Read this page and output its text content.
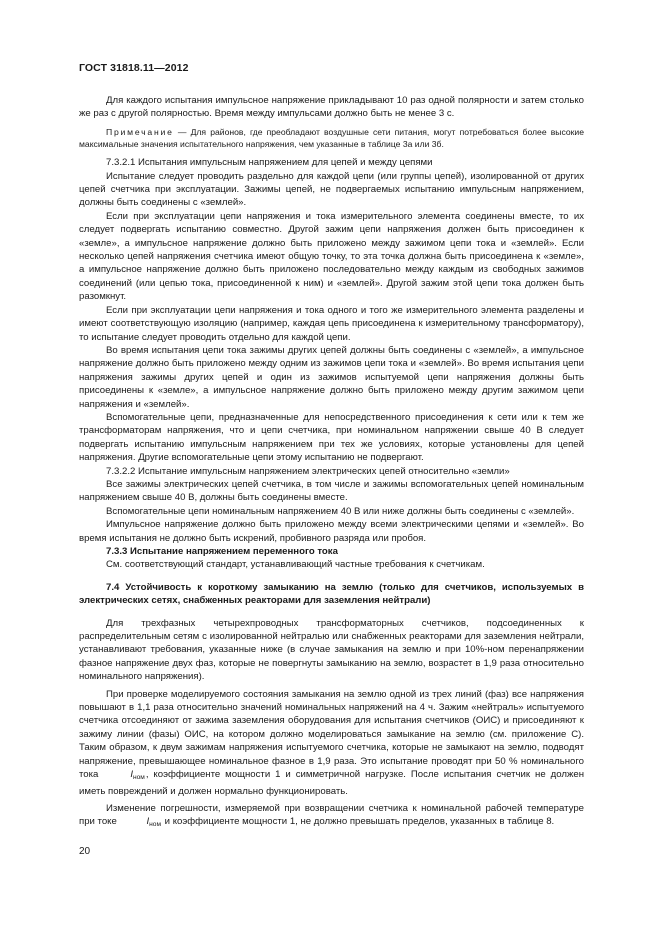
ГОСТ 31818.11—2012

Для каждого испытания импульсное напряжение прикладывают 10 раз одной полярности и затем столько же раз с другой полярностью. Время между импульсами должно быть не менее 3 с.

Примечание — Для районов, где преобладают воздушные сети питания, могут потребоваться более высокие максимальные значения испытательного напряжения, чем указанные в таблице 3а или 3б.

7.3.2.1 Испытания импульсным напряжением для цепей и между цепями

Испытание следует проводить раздельно для каждой цепи (или группы цепей), изолированной от других цепей счетчика при эксплуатации. Зажимы цепей, не подвергаемых испытанию импульсным напряжением, должны быть соединены с «землей».

Если при эксплуатации цепи напряжения и тока измерительного элемента соединены вместе, то их следует подвергать испытанию совместно. Другой зажим цепи напряжения должен быть присоединен к «земле», а импульсное напряжение должно быть приложено между зажимом цепи тока и «землей». Если несколько цепей напряжения счетчика имеют общую точку, то эта точка должна быть присоединена к «земле», а импульсное напряжение должно быть приложено последовательно между каждым из свободных зажимов соединений (или цепью тока, присоединенной к ним) и «землей». Другой зажим этой цепи тока должен быть разомкнут.

Если при эксплуатации цепи напряжения и тока одного и того же измерительного элемента разделены и имеют соответствующую изоляцию (например, каждая цепь присоединена к измерительному трансформатору), то испытание следует проводить отдельно для каждой цепи.

Во время испытания цепи тока зажимы других цепей должны быть соединены с «землей», а импульсное напряжение должно быть приложено между одним из зажимов цепи тока и «землей». Во время испытания цепи напряжения зажимы других цепей и один из зажимов испытуемой цепи напряжения должны быть присоединены к «земле», а импульсное напряжение должно быть приложено между другим зажимом цепи напряжения и «землей».

Вспомогательные цепи, предназначенные для непосредственного присоединения к сети или к тем же трансформаторам напряжения, что и цепи счетчика, при номинальном напряжении свыше 40 В следует подвергать испытанию импульсным напряжением при тех же условиях, которые установлены для цепей напряжения. Другие вспомогательные цепи этому испытанию не подвергают.

7.3.2.2 Испытание импульсным напряжением электрических цепей относительно «земли»

Все зажимы электрических цепей счетчика, в том числе и зажимы вспомогательных цепей номинальным напряжением свыше 40 В, должны быть соединены вместе.

Вспомогательные цепи номинальным напряжением 40 В или ниже должны быть соединены с «землей».

Импульсное напряжение должно быть приложено между всеми электрическими цепями и «землей». Во время испытания не должно быть искрений, пробивного разряда или пробоя.

7.3.3 Испытание напряжением переменного тока

См. соответствующий стандарт, устанавливающий частные требования к счетчикам.

7.4 Устойчивость к короткому замыканию на землю (только для счетчиков, используемых в электрических сетях, снабженных реакторами для заземления нейтрали)

Для трехфазных четырехпроводных трансформаторных счетчиков, подсоединенных к распределительным сетям с изолированной нейтралью или снабженных реакторами для заземления нейтрали, устанавливают требования, указанные ниже (в случае замыкания на землю и при 10%-ном перенапряжении фазное напряжение двух фаз, которые не повергнуты замыканию на землю, возрастет в 1,9 раза относительно номинального напряжения).

При проверке моделируемого состояния замыкания на землю одной из трех линий (фаз) все напряжения повышают в 1,1 раза относительно значений номинальных напряжений на 4 ч. Зажим «нейтраль» испытуемого счетчика отсоединяют от зажима заземления оборудования для испытания счетчиков (ОИС) и присоединяют к зажиму линии (фазы) ОИС, на котором должно моделироваться замыкание на землю (см. приложение С). Таким образом, к двум зажимам напряжения испытуемого счетчика, которые не замыкают на землю, подводят напряжение, превышающее номинальное фазное в 1,9 раза. Это испытание проводят при 50 % номинального тока	$I_{ном}$, коэффициенте мощности 1 и симметричной нагрузке. После испытания счетчик не должен иметь повреждений и должен нормально функционировать.

Изменение погрешности, измеряемой при возвращении счетчика к номинальной рабочей температуре при токе	$I_{ном}$ и коэффициенте мощности 1, не должно превышать пределов, указанных в таблице 8.

20
